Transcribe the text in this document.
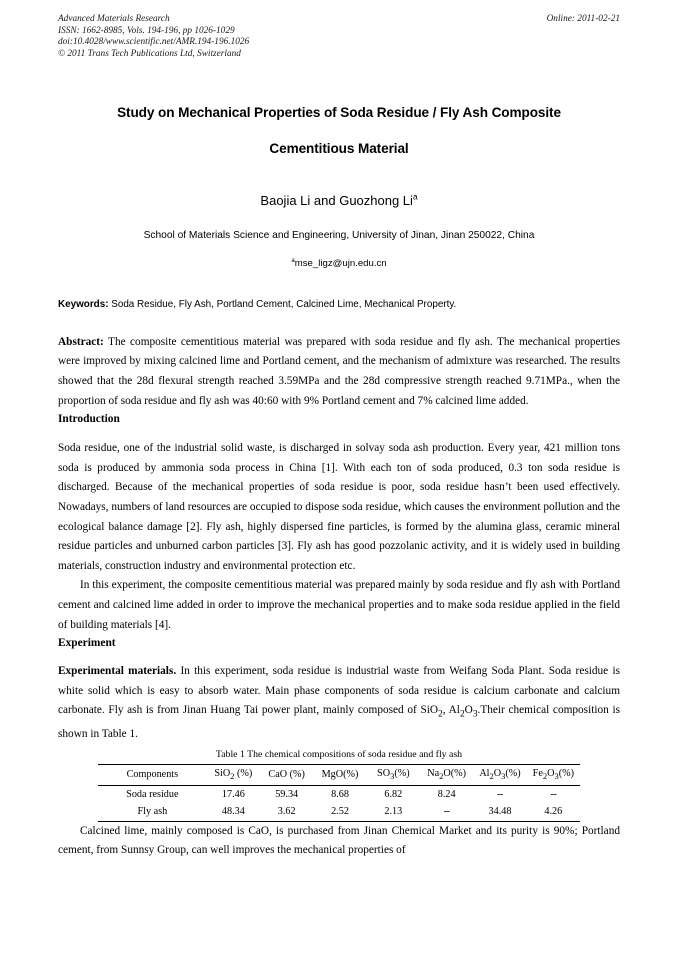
Advanced Materials Research
ISSN: 1662-8985, Vols. 194-196, pp 1026-1029
doi:10.4028/www.scientific.net/AMR.194-196.1026
© 2011 Trans Tech Publications Ltd, Switzerland
Online: 2011-02-21
Study on Mechanical Properties of Soda Residue / Fly Ash Composite
Cementitious Material
Baojia Li and Guozhong Li$^a$
School of Materials Science and Engineering, University of Jinan, Jinan 250022, China
$^a$mse_ligz@ujn.edu.cn
Keywords: Soda Residue, Fly Ash, Portland Cement, Calcined Lime, Mechanical Property.
Abstract: The composite cementitious material was prepared with soda residue and fly ash. The mechanical properties were improved by mixing calcined lime and Portland cement, and the mechanism of admixture was researched. The results showed that the 28d flexural strength reached 3.59MPa and the 28d compressive strength reached 9.71MPa., when the proportion of soda residue and fly ash was 40:60 with 9% Portland cement and 7% calcined lime added.
Introduction

Soda residue, one of the industrial solid waste, is discharged in solvay soda ash production. Every year, 421 million tons soda is produced by ammonia soda process in China [1]. With each ton of soda produced, 0.3 ton soda residue is discharged. Because of the mechanical properties of soda residue is poor, soda residue hasn’t been used effectively. Nowadays, numbers of land resources are occupied to dispose soda residue, which causes the environment pollution and the ecological balance damage [2]. Fly ash, highly dispersed fine particles, is formed by the alumina glass, ceramic mineral residue particles and unburned carbon particles [3]. Fly ash has good pozzolanic activity, and it is widely used in building materials, construction industry and environmental protection etc.

In this experiment, the composite cementitious material was prepared mainly by soda residue and fly ash with Portland cement and calcined lime added in order to improve the mechanical properties and to make soda residue applied in the field of building materials [4].

Experiment

Experimental materials. In this experiment, soda residue is industrial waste from Weifang Soda Plant. Soda residue is white solid which is easy to absorb water. Main phase components of soda residue is calcium carbonate and calcium carbonate. Fly ash is from Jinan Huang Tai power plant, mainly composed of SiO$_2$, $Al_2O_3.Their$ chemical composition is shown in Table 1.

Table 1 The chemical compositions of soda residue and fly ash
Components	SiO$_2$ (%)	CaO (%)	MgO(%)	$SO_3(\%)$	$Na_2O(\%)$	$Al_2O_3(\%)$	$Fe_2O_3(\%)$
Soda residue	17.46	59.34	8.68	6.82	8.24	--	--
Fly ash	48.34	3.62	2.52	2.13	--	34.48	4.26

Calcined lime, mainly composed is CaO, is purchased from Jinan Chemical Market and its purity is 90%; Portland cement, from Sunnsy Group, can well improves the mechanical properties of
